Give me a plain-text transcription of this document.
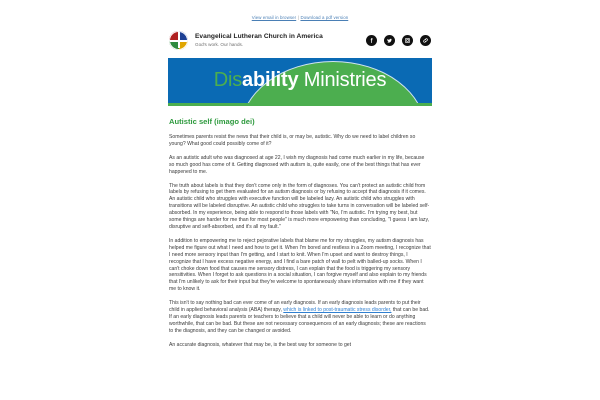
View email in browser | Download a pdf version
Evangelical Lutheran Church in America
God's work. Our hands.
Disability Ministries
Autistic self (imago dei)
Sometimes parents resist the news that their child is, or may be, autistic. Why do we need to label children so young? What good could possibly come of it?
As an autistic adult who was diagnosed at age 22, I wish my diagnosis had come much earlier in my life, because so much good has come of it. Getting diagnosed with autism is, quite easily, one of the best things that has ever happened to me.
The truth about labels is that they don't come only in the form of diagnoses. You can't protect an autistic child from labels by refusing to get them evaluated for an autism diagnosis or by refusing to accept that diagnosis if it comes. An autistic child who struggles with executive function will be labeled lazy. An autistic child who struggles with transitions will be labeled disruptive. An autistic child who struggles to take turns in conversation will be labeled self-absorbed. In my experience, being able to respond to those labels with "No, I'm autistic. I'm trying my best, but some things are harder for me than for most people" is much more empowering than concluding, "I guess I am lazy, disruptive and self-absorbed, and it's all my fault."
In addition to empowering me to reject pejorative labels that blame me for my struggles, my autism diagnosis has helped me figure out what I need and how to get it. When I'm bored and restless in a Zoom meeting, I recognize that I need more sensory input than I'm getting, and I start to knit. When I'm upset and want to destroy things, I recognize that I have excess negative energy, and I find a bare patch of wall to pelt with balled-up socks. When I can't choke down food that causes me sensory distress, I can explain that the food is triggering my sensory sensitivities. When I forget to ask questions in a social situation, I can forgive myself and also explain to my friends that I'm unlikely to ask for their input but they're welcome to spontaneously share information with me if they want me to know it.
This isn't to say nothing bad can ever come of an early diagnosis. If an early diagnosis leads parents to put their child in applied behavioral analysis (ABA) therapy, which is linked to post-traumatic stress disorder, that can be bad. If an early diagnosis leads parents or teachers to believe that a child will never be able to learn or do anything worthwhile, that can be bad. But these are not necessary consequences of an early diagnosis; these are reactions to the diagnosis, and they can be changed or avoided.
An accurate diagnosis, whatever that may be, is the best way for someone to get
